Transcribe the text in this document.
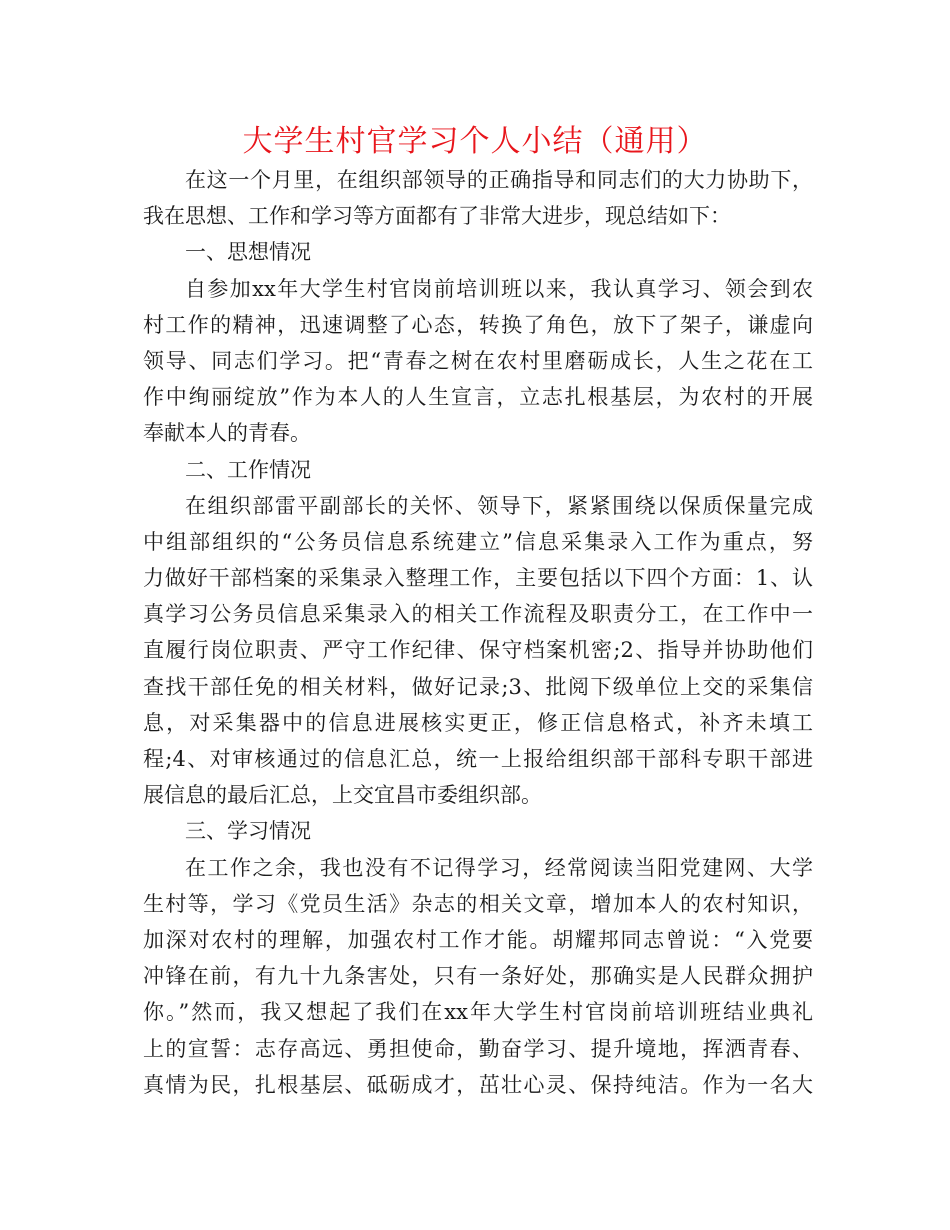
大学生村官学习个人小结（通用）
在这一个月里，在组织部领导的正确指导和同志们的大力协助下，
我在思想、工作和学习等方面都有了非常大进步，现总结如下：
一、思想情况
自参加xx年大学生村官岗前培训班以来，我认真学习、领会到农
村工作的精神，迅速调整了心态，转换了角色，放下了架子，谦虚向
领导、同志们学习。把“青春之树在农村里磨砺成长，人生之花在工
作中绚丽绽放”作为本人的人生宣言，立志扎根基层，为农村的开展
奉献本人的青春。
二、工作情况
在组织部雷平副部长的关怀、领导下，紧紧围绕以保质保量完成
中组部组织的“公务员信息系统建立”信息采集录入工作为重点，努
力做好干部档案的采集录入整理工作，主要包括以下四个方面：1、认
真学习公务员信息采集录入的相关工作流程及职责分工，在工作中一
直履行岗位职责、严守工作纪律、保守档案机密;2、指导并协助他们
查找干部任免的相关材料，做好记录;3、批阅下级单位上交的采集信
息，对采集器中的信息进展核实更正，修正信息格式，补齐未填工
程;4、对审核通过的信息汇总，统一上报给组织部干部科专职干部进
展信息的最后汇总，上交宜昌市委组织部。
三、学习情况
在工作之余，我也没有不记得学习，经常阅读当阳党建网、大学
生村等，学习《党员生活》杂志的相关文章，增加本人的农村知识，
加深对农村的理解，加强农村工作才能。胡耀邦同志曾说：“入党要
冲锋在前，有九十九条害处，只有一条好处，那确实是人民群众拥护
你。”然而，我又想起了我们在xx年大学生村官岗前培训班结业典礼
上的宣誓：志存高远、勇担使命，勤奋学习、提升境地，挥洒青春、
真情为民，扎根基层、砥砺成才，茁壮心灵、保持纯洁。作为一名大
